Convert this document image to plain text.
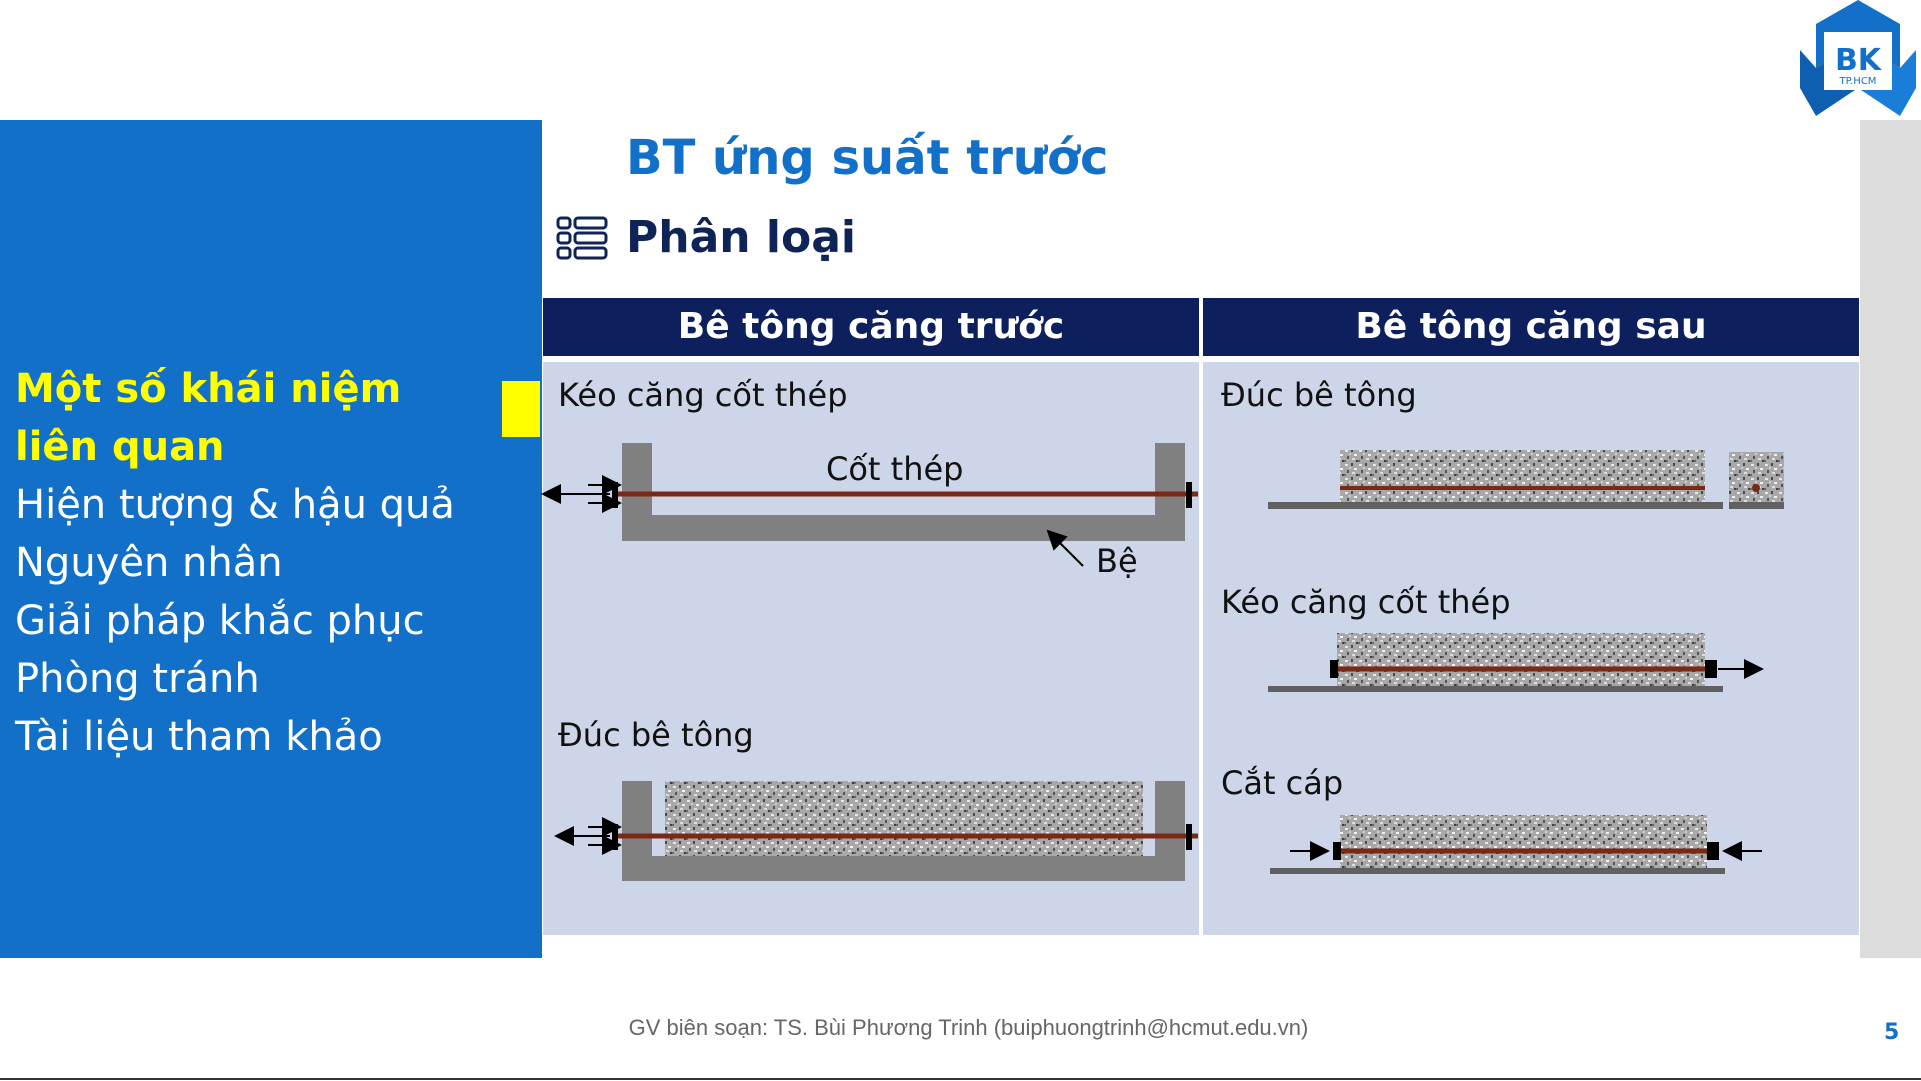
BK
TP.HCM
Một số khái niệm liên quan
Hiện tượng & hậu quả
Nguyên nhân
Giải pháp khắc phục
Phòng tránh
Tài liệu tham khảo
BT ứng suất trước
Phân loại
Bê tông căng trước	Bê tông căng sau
Kéo căng cốt thép
Cốt thép
Bệ
Đúc bê tông
Đúc bê tông
Kéo căng cốt thép
Cắt cáp
GV biên soạn: TS. Bùi Phương Trinh (buiphuongtrinh@hcmut.edu.vn)	5
